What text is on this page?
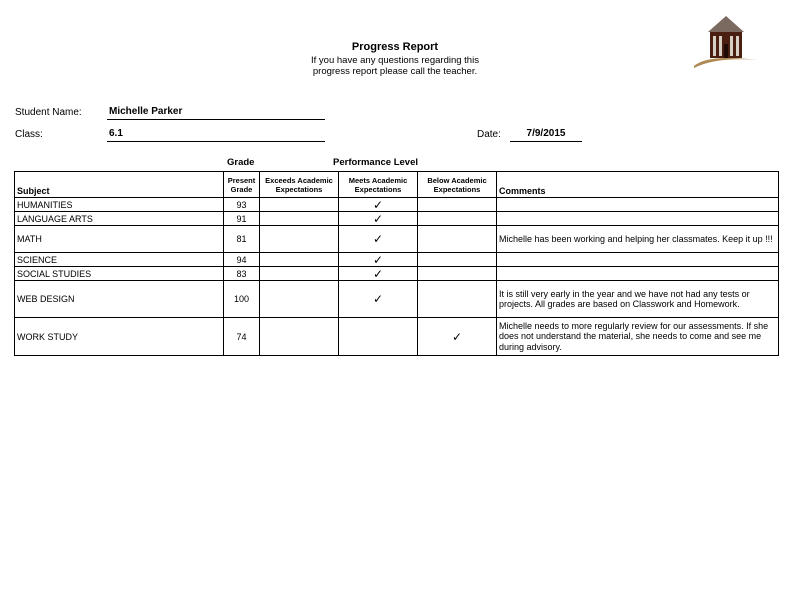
Progress Report
If you have any questions regarding this
progress report please call the teacher.
Student Name:	Michelle Parker
Class:	6.1	Date:	7/9/2015
Grade	Performance Level
Subject	Present Grade	Exceeds Academic Expectations	Meets Academic Expectations	Below Academic Expectations	Comments
HUMANITIES	93		✓		
LANGUAGE ARTS	91		✓		
MATH	81		✓		Michelle has been working and helping her classmates. Keep it up !!!
SCIENCE	94		✓		
SOCIAL STUDIES	83		✓		
WEB DESIGN	100		✓		It is still very early in the year and we have not had any tests or projects. All grades are based on Classwork and Homework.
WORK STUDY	74			✓	Michelle needs to more regularly review for our assessments. If she does not understand the material, she needs to come and see me during advisory.
